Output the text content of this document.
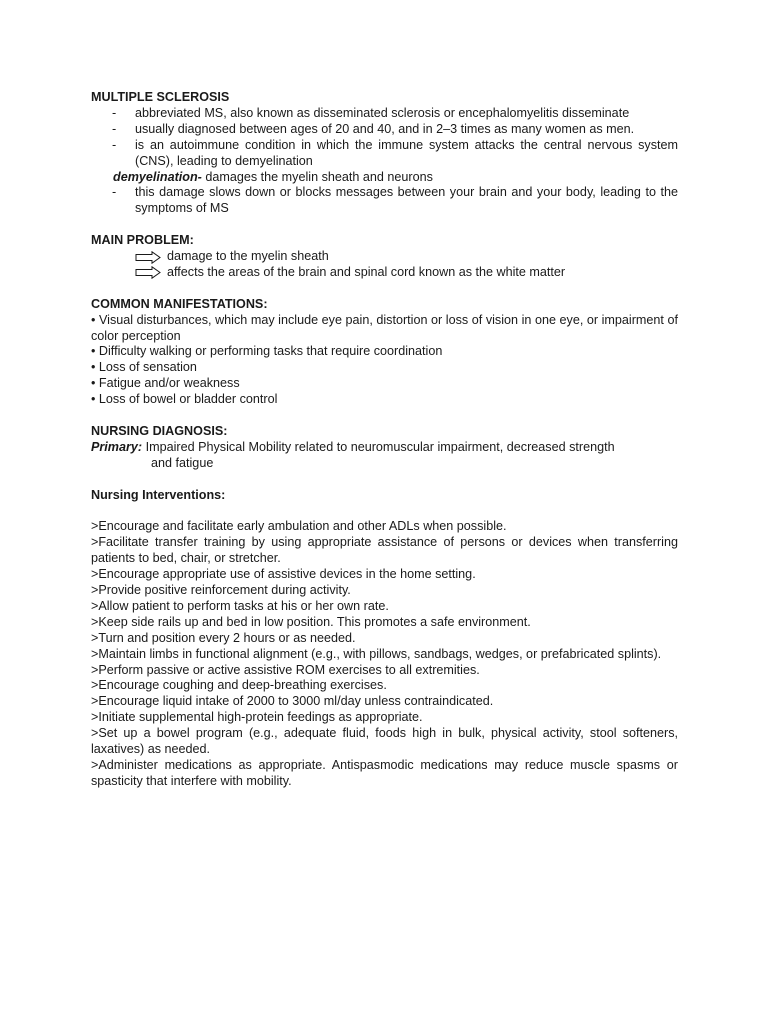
MULTIPLE SCLEROSIS

- abbreviated MS, also known as disseminated sclerosis or encephalomyelitis disseminate
- usually diagnosed between ages of 20 and 40, and in 2–3 times as many women as men.
- is an autoimmune condition in which the immune system attacks the central nervous system (CNS), leading to demyelination
demyelination- damages the myelin sheath and neurons
- this damage slows down or blocks messages between your brain and your body, leading to the symptoms of MS

MAIN PROBLEM:

damage to the myelin sheath
affects the areas of the brain and spinal cord known as the white matter

COMMON MANIFESTATIONS:

• Visual disturbances, which may include eye pain, distortion or loss of vision in one eye, or impairment of color perception
• Difficulty walking or performing tasks that require coordination
• Loss of sensation
• Fatigue and/or weakness
• Loss of bowel or bladder control

NURSING DIAGNOSIS:

Primary: Impaired Physical Mobility related to neuromuscular impairment, decreased strength
and fatigue

Nursing Interventions:

>Encourage and facilitate early ambulation and other ADLs when possible.
>Facilitate transfer training by using appropriate assistance of persons or devices when transferring patients to bed, chair, or stretcher.
>Encourage appropriate use of assistive devices in the home setting.
>Provide positive reinforcement during activity.
>Allow patient to perform tasks at his or her own rate.
>Keep side rails up and bed in low position. This promotes a safe environment.
>Turn and position every 2 hours or as needed.
>Maintain limbs in functional alignment (e.g., with pillows, sandbags, wedges, or prefabricated splints).
>Perform passive or active assistive ROM exercises to all extremities.
>Encourage coughing and deep-breathing exercises.
>Encourage liquid intake of 2000 to 3000 ml/day unless contraindicated.
>Initiate supplemental high-protein feedings as appropriate.
>Set up a bowel program (e.g., adequate fluid, foods high in bulk, physical activity, stool softeners, laxatives) as needed.
>Administer medications as appropriate. Antispasmodic medications may reduce muscle spasms or spasticity that interfere with mobility.
